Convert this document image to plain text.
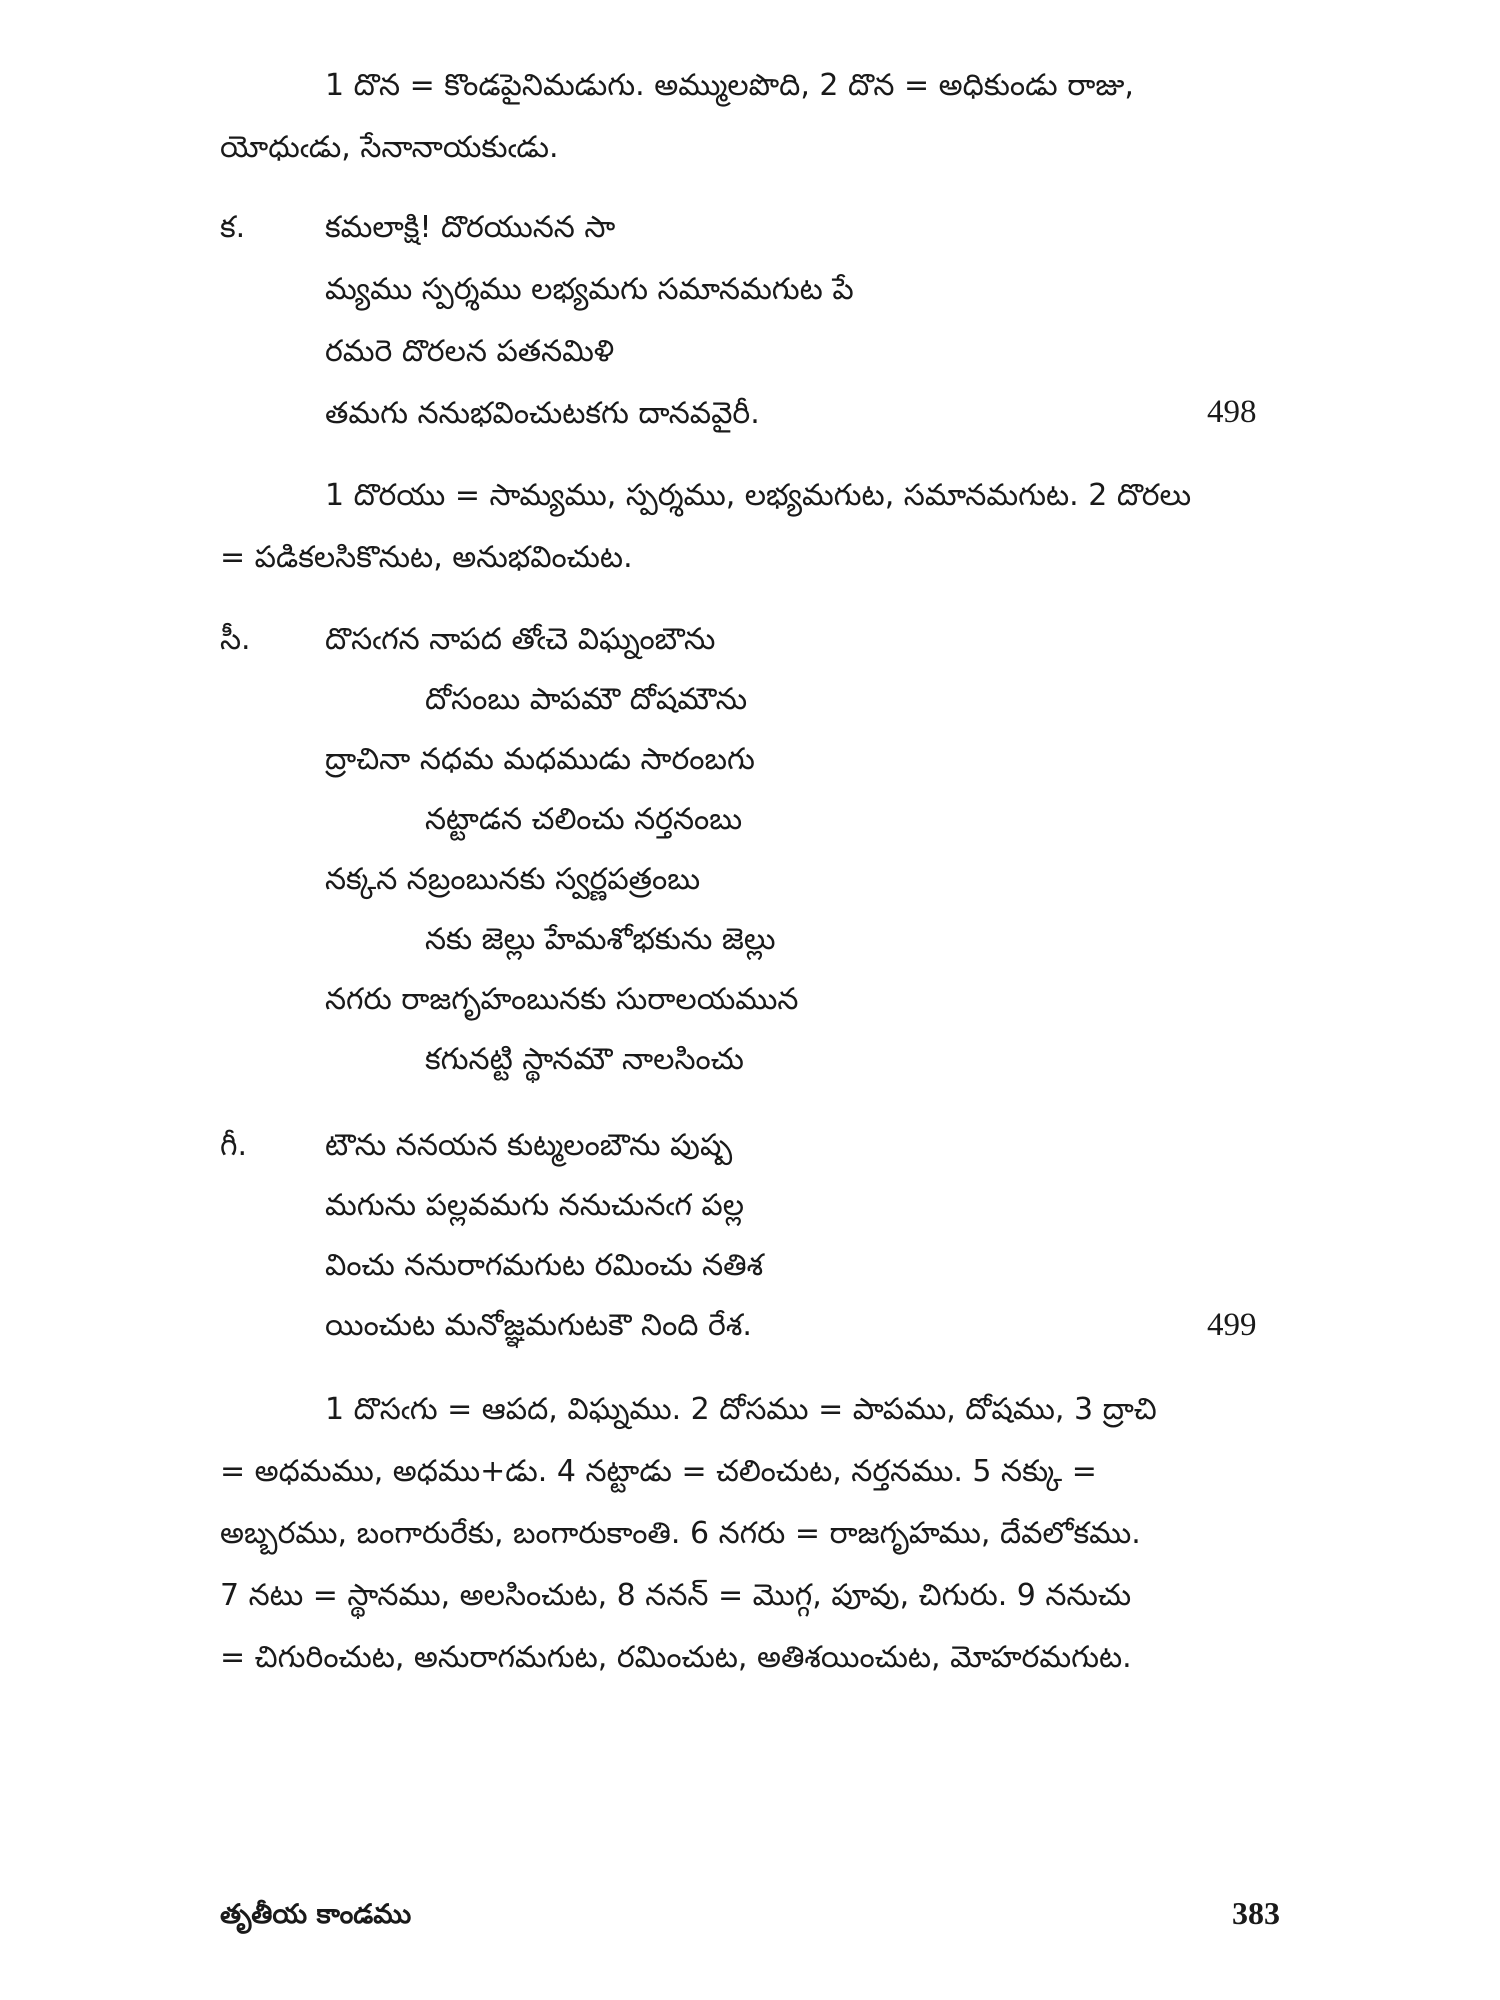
1 దొన = కొండపైనిమడుగు. అమ్ములపొది, 2 దొన = అధికుండు రాజు,
యోధుఁడు, సేనానాయకుఁడు.
క.	కమలాక్షి! దొరయునన సా
మ్యము స్పర్శము లభ్యమగు సమానమగుట పే
రమరె దొరలన పతనమిళి
తమగు ననుభవించుటకగు దానవవైరీ.	498
1 దొరయు = సామ్యము, స్పర్శము, లభ్యమగుట, సమానమగుట. 2 దొరలు
= పడికలసికొనుట, అనుభవించుట.
సీ. దొసఁగన నాపద తోఁచె విఘ్నంబౌను
దోసంబు పాపమౌ దోషమౌను
ద్రాచినా నధమ మధముడు సారంబగు
నట్టాడన చలించు నర్తనంబు
నక్కన నబ్రంబునకు స్వర్ణపత్రంబు
నకు జెల్లు హేమశోభకును జెల్లు
నగరు రాజగృహంబునకు సురాలయమున
కగునట్టి స్థానమౌ నాలసించు
గీ.	టౌను ననయన కుట్మలంబౌను పుష్ప
మగును పల్లవమగు ననుచునఁగ పల్ల
వించు ననురాగమగుట రమించు నతిశ
యించుట మనోజ్ఞమగుటకౌ నింది రేశ.	499
1 దొసఁగు = ఆపద, విఘ్నము. 2 దోసము = పాపము, దోషము, 3 ద్రాచి
= అధమము, అధము+డు. 4 నట్టాడు = చలించుట, నర్తనము. 5 నక్కు =
అబ్బరము, బంగారురేకు, బంగారుకాంతి. 6 నగరు = రాజగృహము, దేవలోకము.
7 నటు = స్థానము, అలసించుట, 8 ననన్ = మొగ్గ, పూవు, చిగురు. 9 ననుచు
= చిగురించుట, అనురాగమగుట, రమించుట, అతిశయించుట, మోహరమగుట.
తృతీయ కాండము	383
